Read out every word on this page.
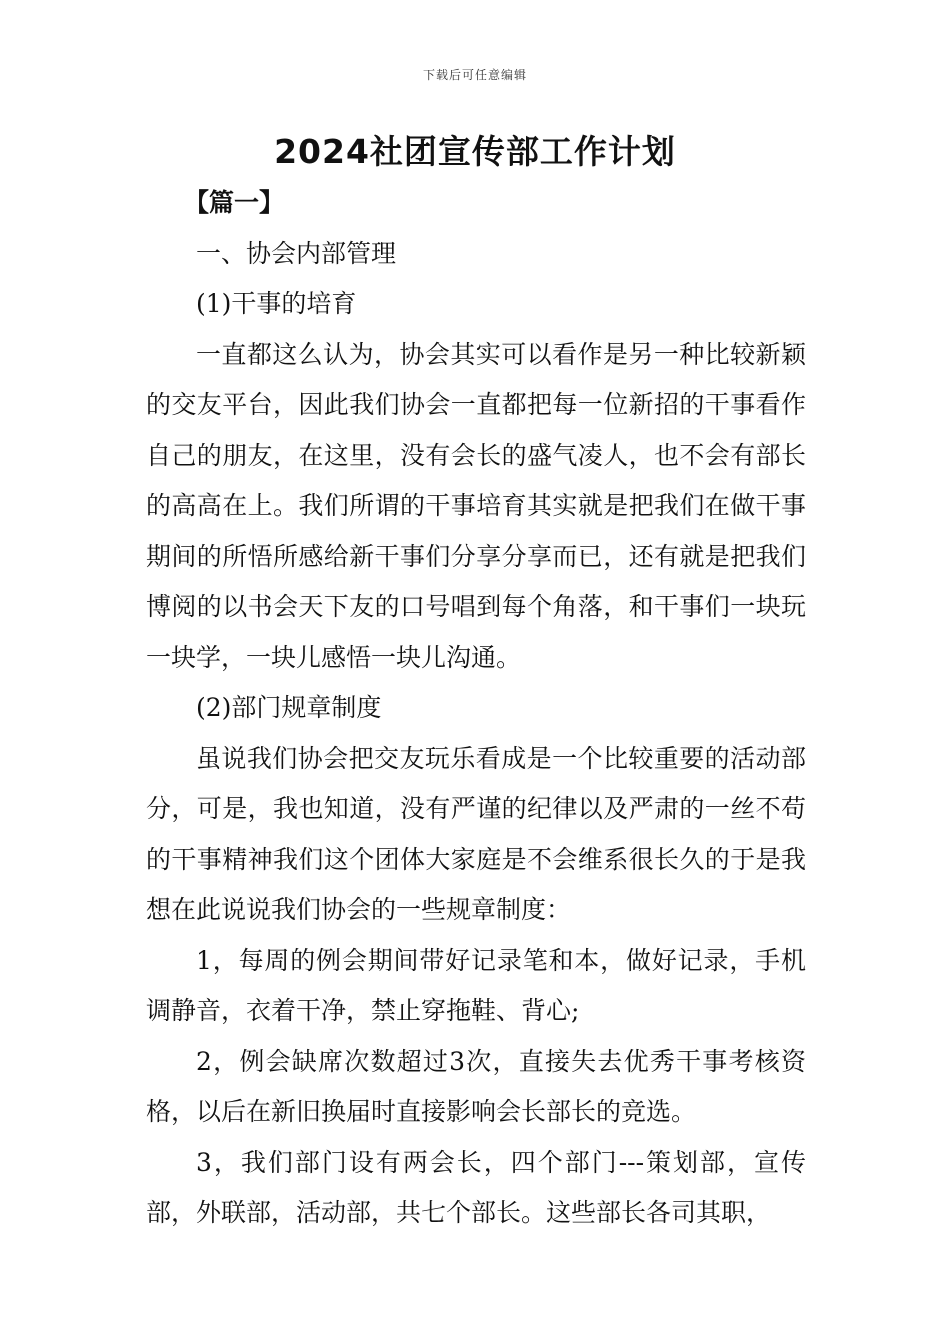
下载后可任意编辑
2024社团宣传部工作计划

【篇一】

一、协会内部管理

(1)干事的培育

一直都这么认为，协会其实可以看作是另一种比较新颖的交友平台，因此我们协会一直都把每一位新招的干事看作自己的朋友，在这里，没有会长的盛气凌人，也不会有部长的高高在上。我们所谓的干事培育其实就是把我们在做干事期间的所悟所感给新干事们分享分享而已，还有就是把我们博阅的以书会天下友的口号唱到每个角落，和干事们一块玩一块学，一块儿感悟一块儿沟通。

(2)部门规章制度

虽说我们协会把交友玩乐看成是一个比较重要的活动部分，可是，我也知道，没有严谨的纪律以及严肃的一丝不苟的干事精神我们这个团体大家庭是不会维系很长久的于是我想在此说说我们协会的一些规章制度：

1，每周的例会期间带好记录笔和本，做好记录，手机调静音，衣着干净，禁止穿拖鞋、背心;

2，例会缺席次数超过3次，直接失去优秀干事考核资格，以后在新旧换届时直接影响会长部长的竞选。

3，我们部门设有两会长，四个部门---策划部，宣传部，外联部，活动部，共七个部长。这些部长各司其职，
